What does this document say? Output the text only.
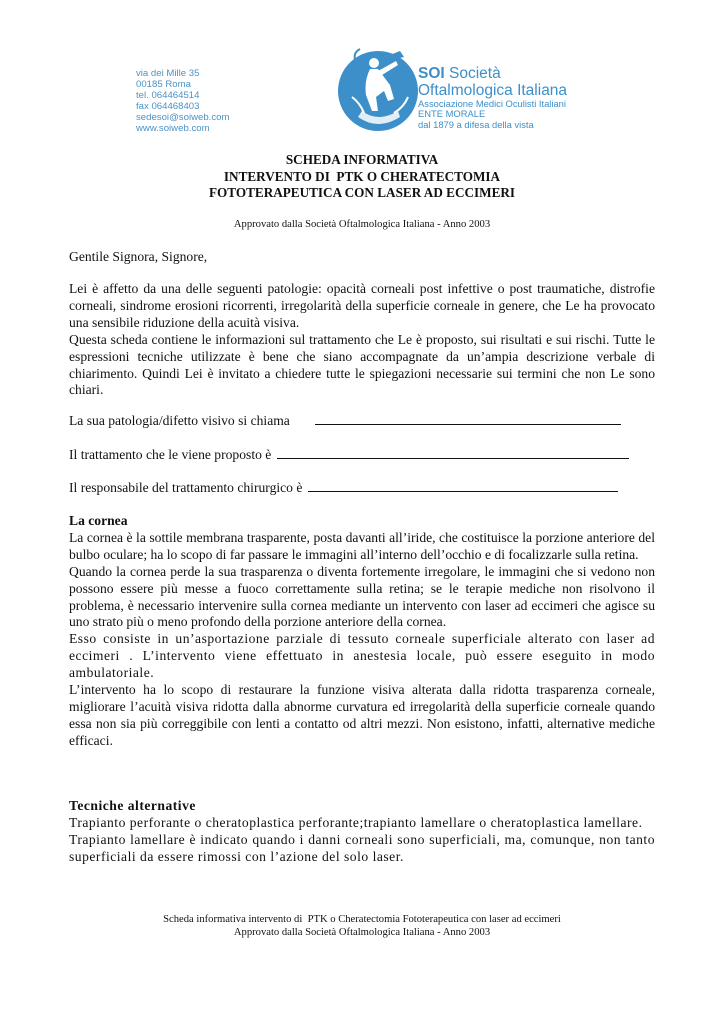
via dei Mille 35
00185 Roma
tel. 064464514
fax 064468403
sedesoi@soiweb.com
www.soiweb.com
SOI Società
Oftalmologica Italiana
Associazione Medici Oculisti Italiani
ENTE MORALE
dal 1879 a difesa della vista
SCHEDA INFORMATIVA
INTERVENTO DI  PTK O CHERATECTOMIA
FOTOTERAPEUTICA CON LASER AD ECCIMERI
Approvato dalla Società Oftalmologica Italiana - Anno 2003
Gentile Signora, Signore,
Lei è affetto da una delle seguenti patologie: opacità corneali post infettive o post traumatiche, distrofie corneali, sindrome erosioni ricorrenti, irregolarità della superficie corneale in genere, che Le ha provocato una sensibile riduzione della acuità visiva.
Questa scheda contiene le informazioni sul trattamento che Le è proposto, sui risultati e sui rischi. Tutte le espressioni tecniche utilizzate è bene che siano accompagnate da un’ampia descrizione verbale di chiarimento. Quindi Lei è invitato a chiedere tutte le spiegazioni necessarie sui termini che non Le sono chiari.
La sua patologia/difetto visivo si chiama
Il trattamento che le viene proposto è
Il responsabile del trattamento chirurgico è
La cornea
La cornea è la sottile membrana trasparente, posta davanti all’iride, che costituisce la porzione anteriore del bulbo oculare; ha lo scopo di far passare le immagini all’interno dell’occhio e di focalizzarle sulla retina.
Quando la cornea perde la sua trasparenza o diventa fortemente irregolare, le immagini che si vedono non possono essere più messe a fuoco correttamente sulla retina; se le terapie mediche non risolvono il problema, è necessario intervenire sulla cornea mediante un intervento con laser ad eccimeri che agisce su uno strato più o meno profondo della porzione anteriore della cornea.
Esso consiste in un’asportazione parziale di tessuto corneale superficiale alterato con laser ad eccimeri . L’intervento viene effettuato in anestesia locale, può essere eseguito in modo ambulatoriale.
L’intervento ha lo scopo di restaurare la funzione visiva alterata dalla ridotta trasparenza corneale, migliorare l’acuità visiva ridotta dalla abnorme curvatura ed irregolarità della superficie corneale quando essa non sia più correggibile con lenti a contatto od altri mezzi. Non esistono, infatti, alternative mediche efficaci.
Tecniche alternative
Trapianto perforante o cheratoplastica perforante;trapianto lamellare o cheratoplastica lamellare.
Trapianto lamellare è indicato quando i danni corneali sono superficiali, ma, comunque, non tanto superficiali da essere rimossi con l’azione del solo laser.
Scheda informativa intervento di  PTK o Cheratectomia Fototerapeutica con laser ad eccimeri
Approvato dalla Società Oftalmologica Italiana - Anno 2003
